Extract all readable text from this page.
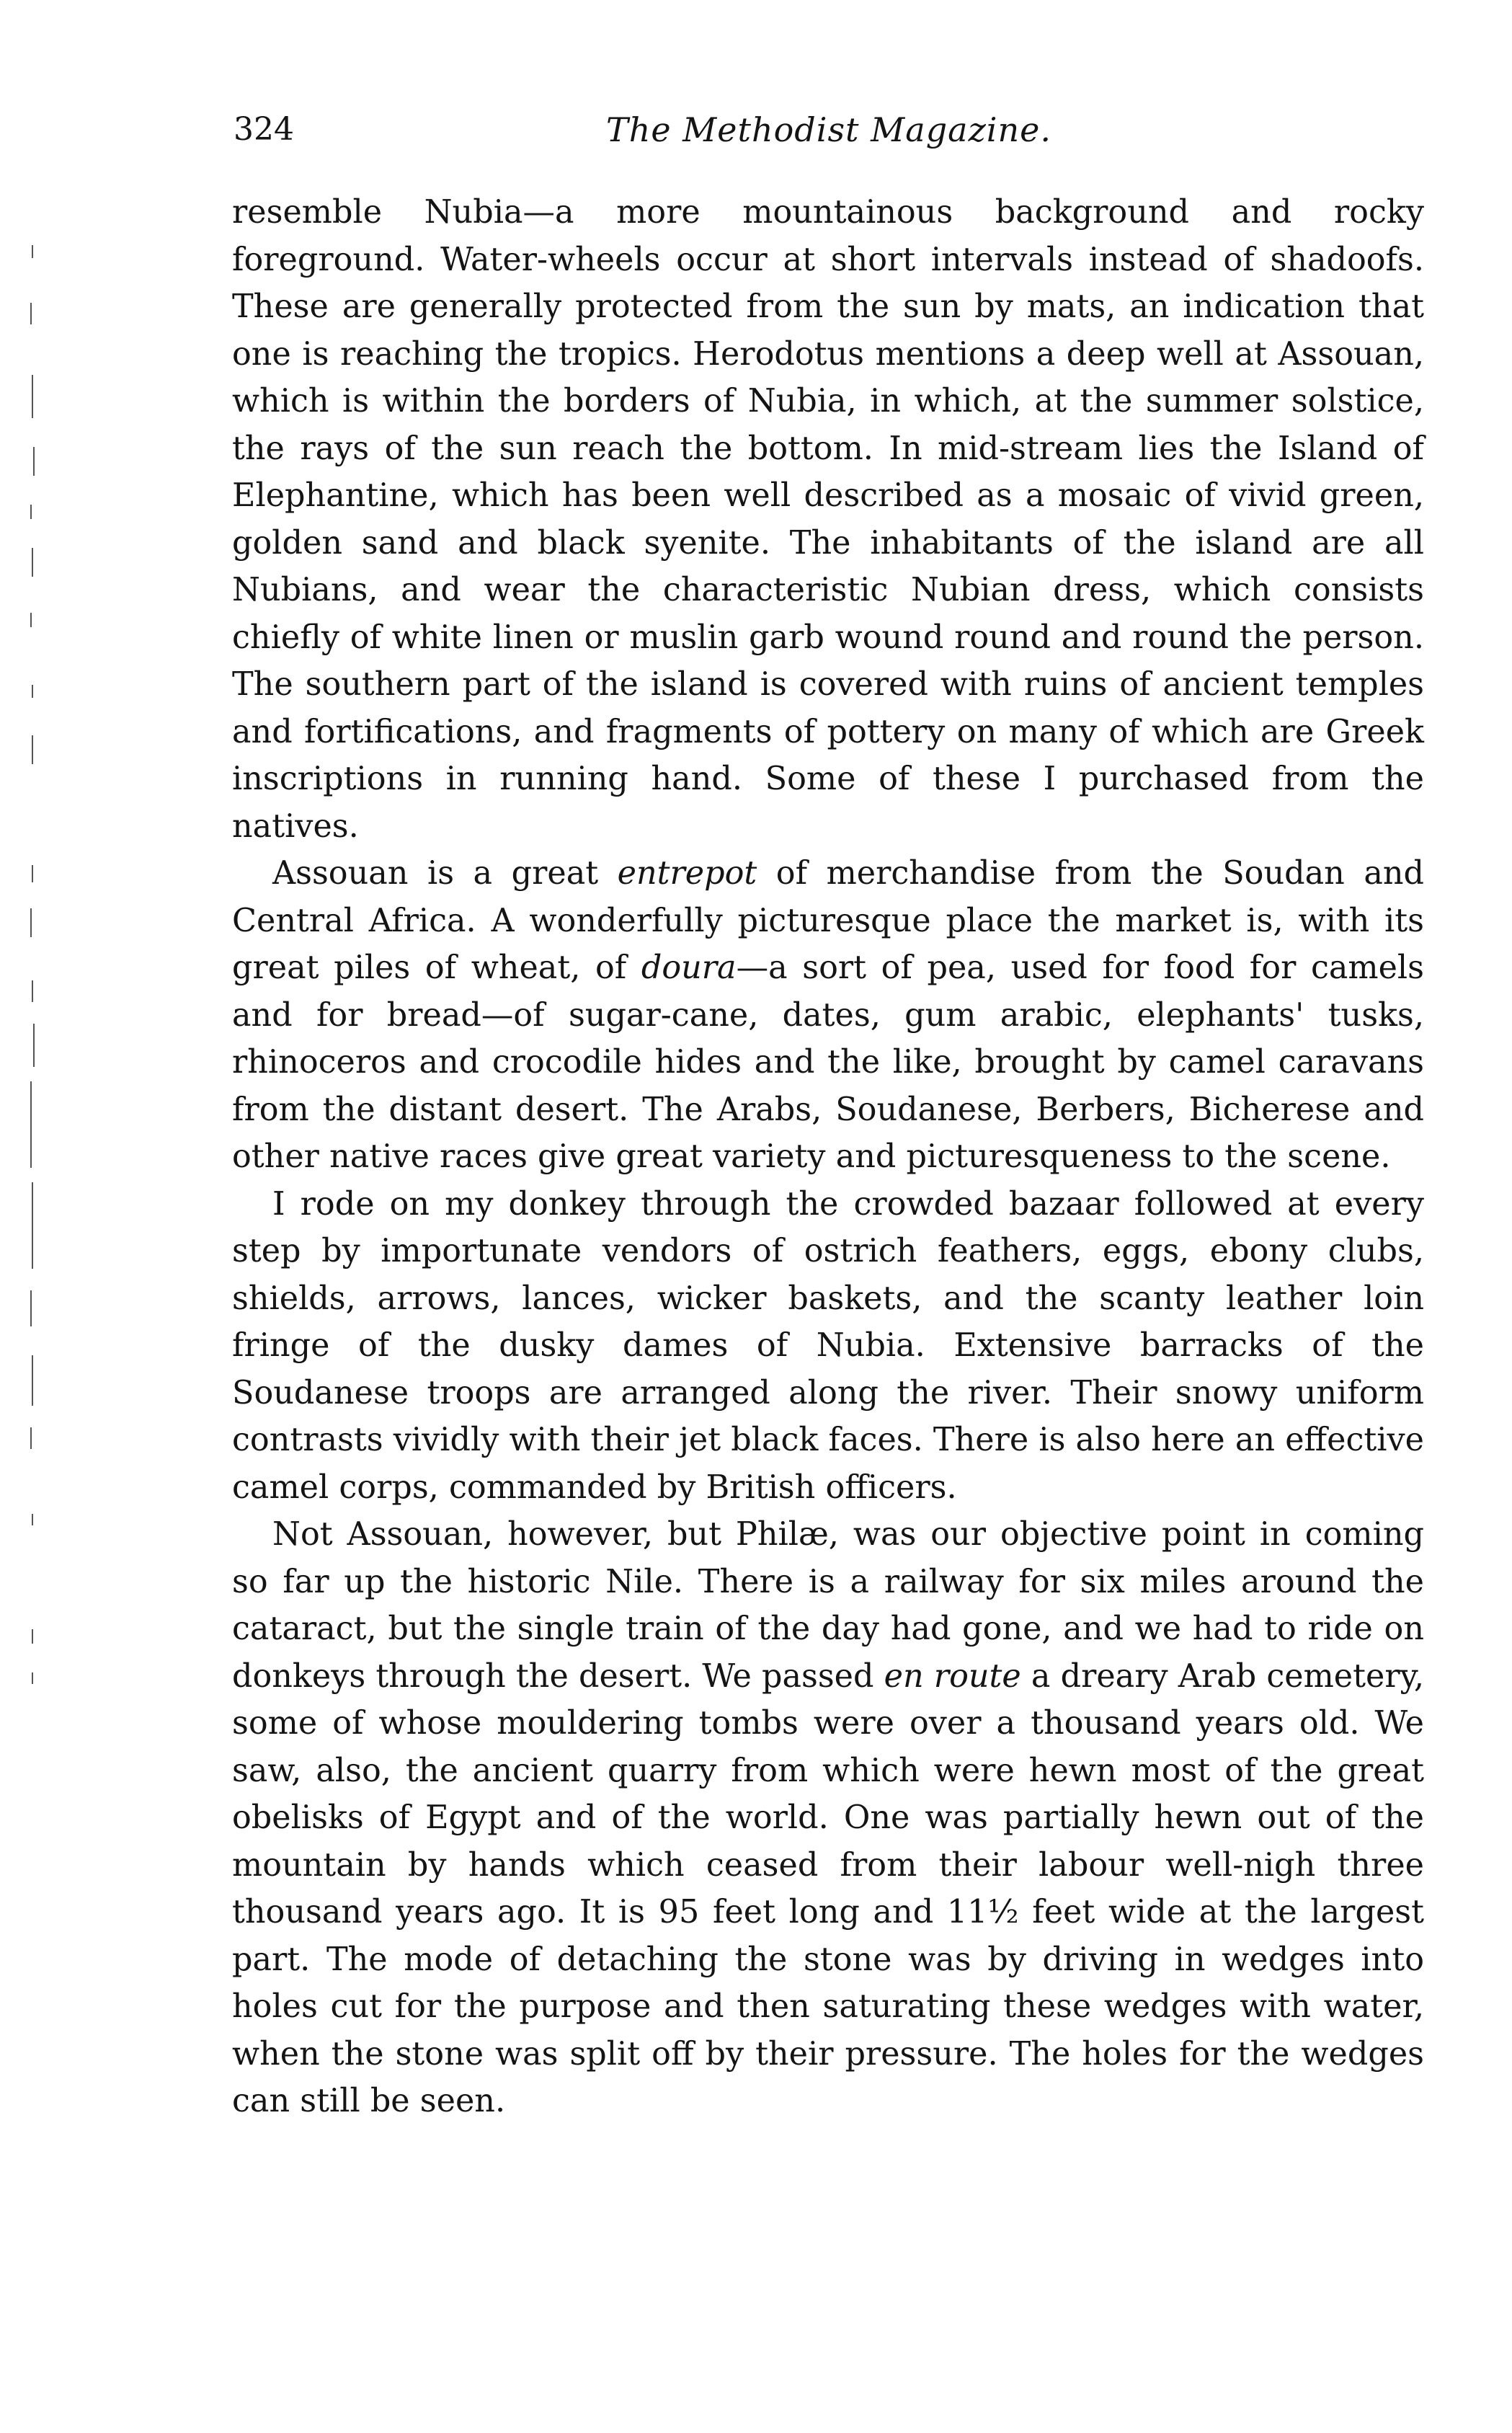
324	The Methodist Magazine.

resemble Nubia—a more mountainous background and rocky foreground. Water-wheels occur at short intervals instead of shadoofs. These are generally protected from the sun by mats, an indication that one is reaching the tropics. Herodotus mentions a deep well at Assouan, which is within the borders of Nubia, in which, at the summer solstice, the rays of the sun reach the bottom. In mid-stream lies the Island of Elephantine, which has been well described as a mosaic of vivid green, golden sand and black syenite. The inhabitants of the island are all Nubians, and wear the characteristic Nubian dress, which consists chiefly of white linen or muslin garb wound round and round the person. The southern part of the island is covered with ruins of ancient temples and fortifications, and fragments of pottery on many of which are Greek inscriptions in running hand. Some of these I purchased from the natives.

Assouan is a great entrepot of merchandise from the Soudan and Central Africa. A wonderfully picturesque place the market is, with its great piles of wheat, of doura—a sort of pea, used for food for camels and for bread—of sugar-cane, dates, gum arabic, elephants' tusks, rhinoceros and crocodile hides and the like, brought by camel caravans from the distant desert. The Arabs, Soudanese, Berbers, Bicherese and other native races give great variety and picturesqueness to the scene.

I rode on my donkey through the crowded bazaar followed at every step by importunate vendors of ostrich feathers, eggs, ebony clubs, shields, arrows, lances, wicker baskets, and the scanty leather loin fringe of the dusky dames of Nubia. Extensive barracks of the Soudanese troops are arranged along the river. Their snowy uniform contrasts vividly with their jet black faces. There is also here an effective camel corps, commanded by British officers.

Not Assouan, however, but Philæ, was our objective point in coming so far up the historic Nile. There is a railway for six miles around the cataract, but the single train of the day had gone, and we had to ride on donkeys through the desert. We passed en route a dreary Arab cemetery, some of whose mouldering tombs were over a thousand years old. We saw, also, the ancient quarry from which were hewn most of the great obelisks of Egypt and of the world. One was partially hewn out of the mountain by hands which ceased from their labour well-nigh three thousand years ago. It is 95 feet long and 11½ feet wide at the largest part. The mode of detaching the stone was by driving in wedges into holes cut for the purpose and then saturating these wedges with water, when the stone was split off by their pressure. The holes for the wedges can still be seen.
